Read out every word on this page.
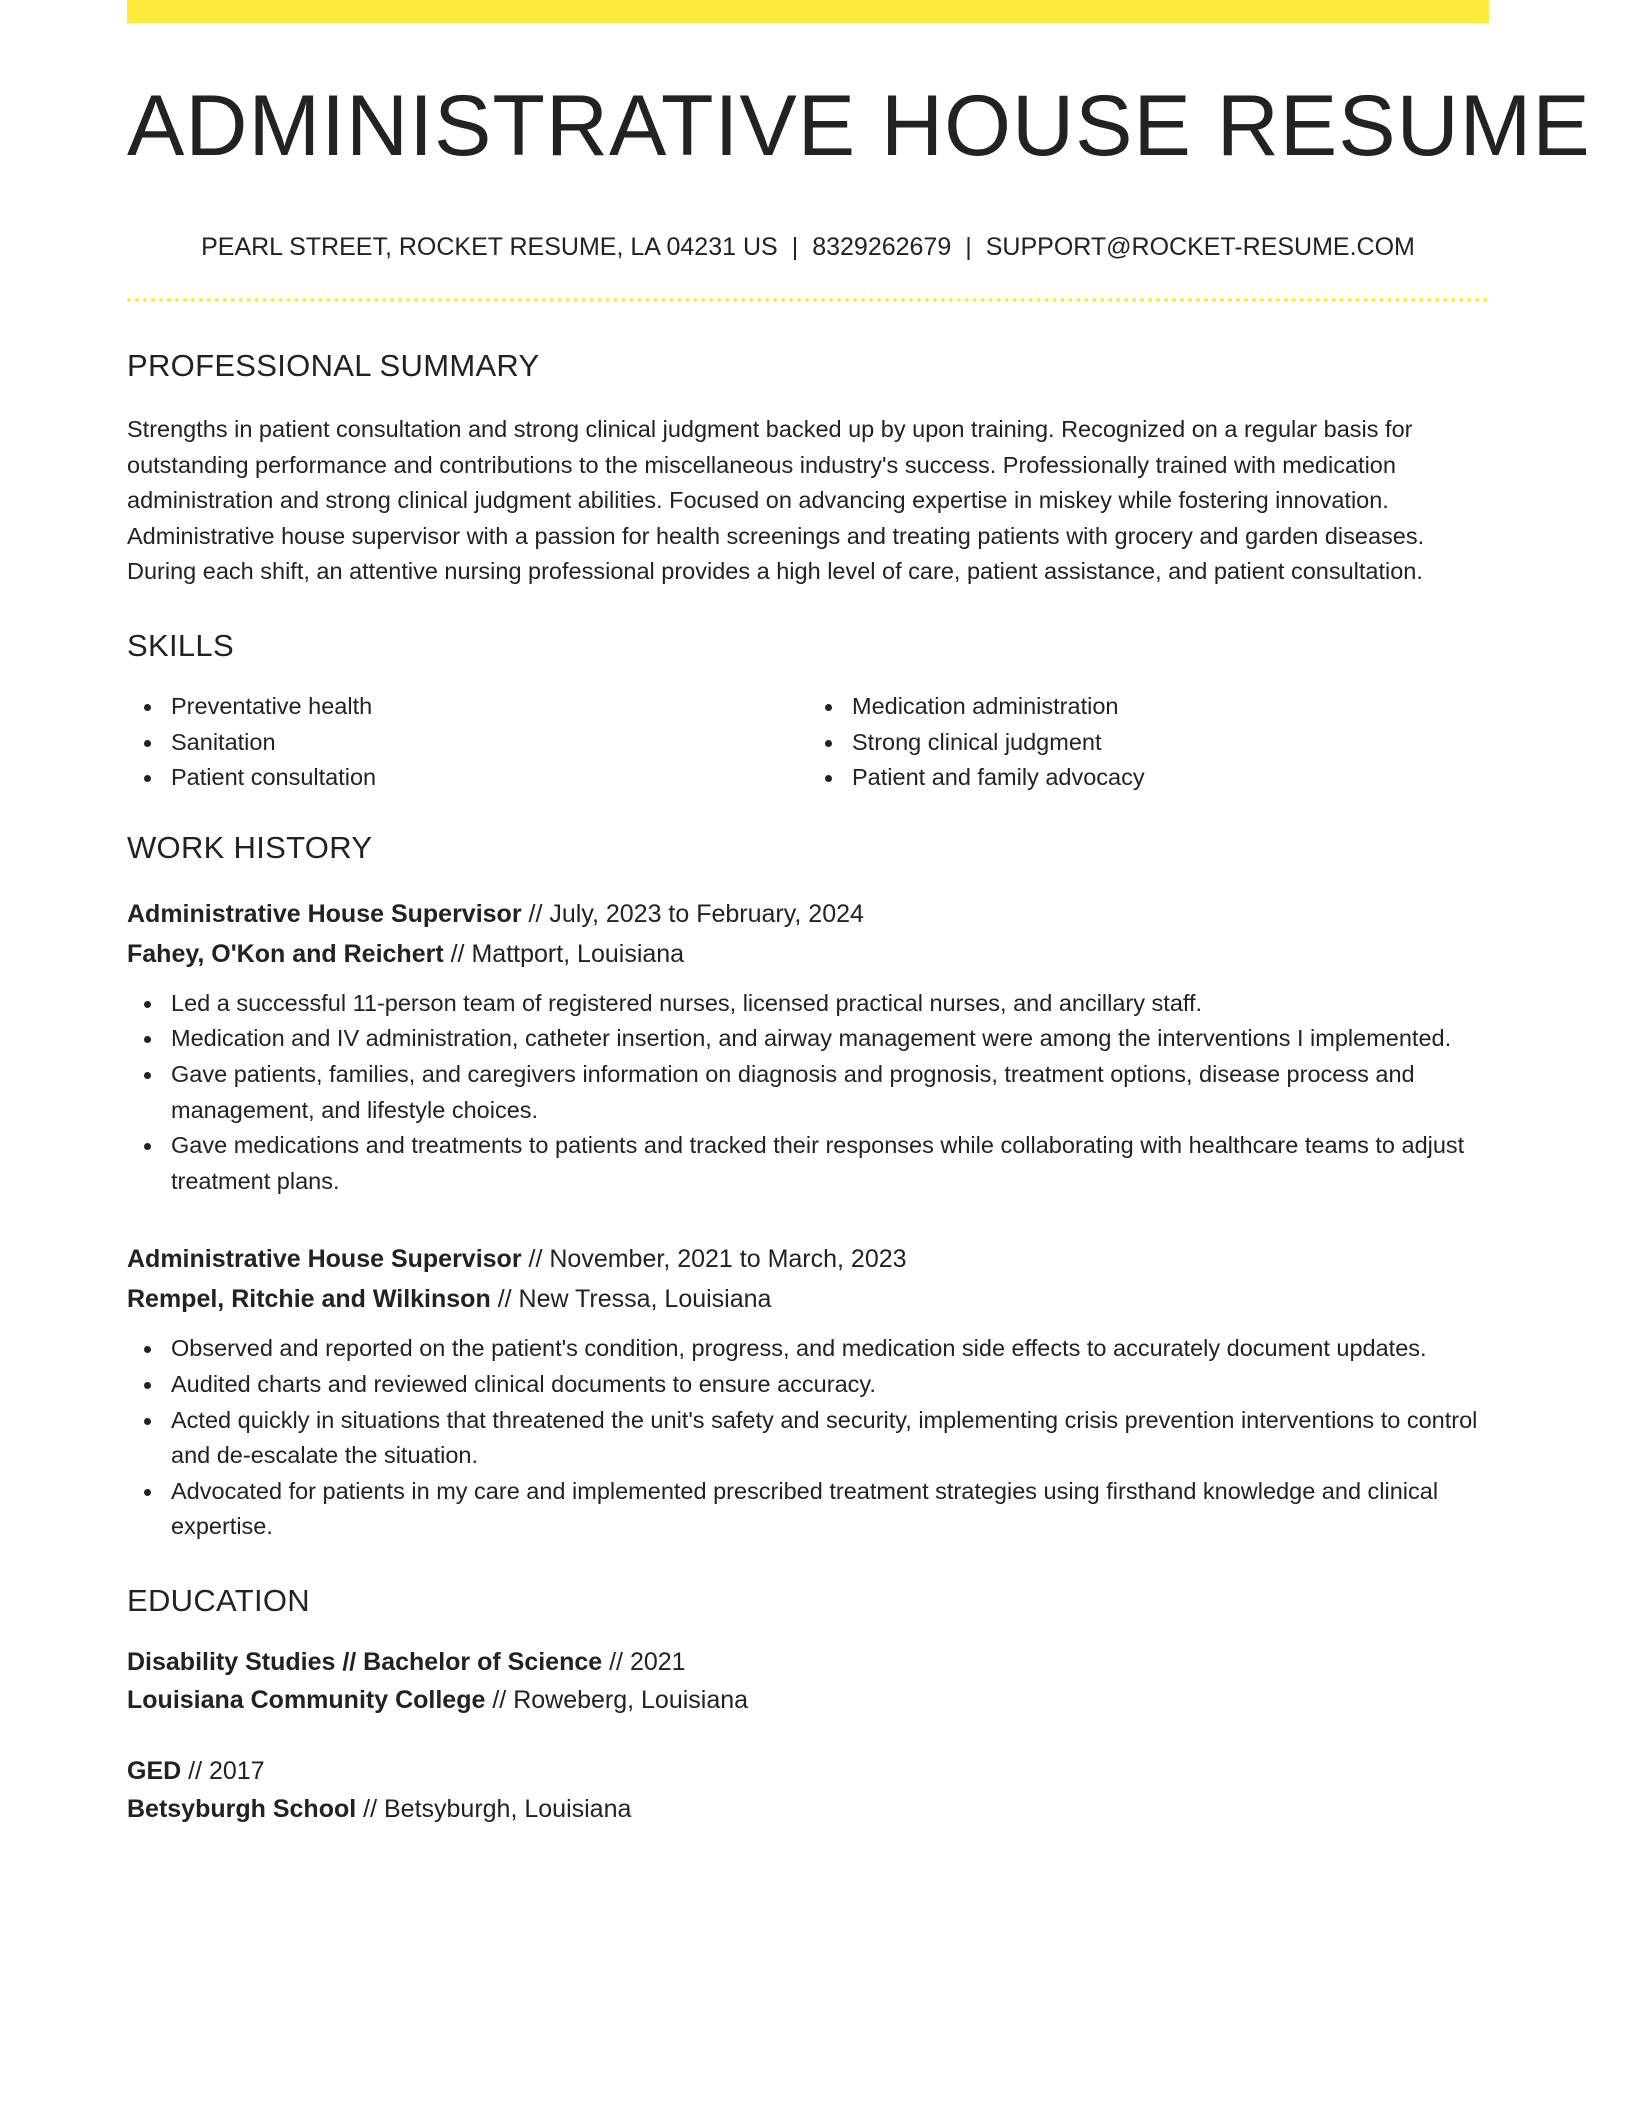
ADMINISTRATIVE HOUSE RESUME
PEARL STREET, ROCKET RESUME, LA 04231 US | 8329262679 | SUPPORT@ROCKET-RESUME.COM
PROFESSIONAL SUMMARY

Strengths in patient consultation and strong clinical judgment backed up by upon training. Recognized on a regular basis for outstanding performance and contributions to the miscellaneous industry's success. Professionally trained with medication administration and strong clinical judgment abilities. Focused on advancing expertise in miskey while fostering innovation. Administrative house supervisor with a passion for health screenings and treating patients with grocery and garden diseases. During each shift, an attentive nursing professional provides a high level of care, patient assistance, and patient consultation.

SKILLS
Preventative health
Sanitation
Patient consultation
Medication administration
Strong clinical judgment
Patient and family advocacy
WORK HISTORY
Administrative House Supervisor // July, 2023 to February, 2024
Fahey, O'Kon and Reichert // Mattport, Louisiana
Led a successful 11-person team of registered nurses, licensed practical nurses, and ancillary staff.
Medication and IV administration, catheter insertion, and airway management were among the interventions I implemented.
Gave patients, families, and caregivers information on diagnosis and prognosis, treatment options, disease process and management, and lifestyle choices.
Gave medications and treatments to patients and tracked their responses while collaborating with healthcare teams to adjust treatment plans.
Administrative House Supervisor // November, 2021 to March, 2023
Rempel, Ritchie and Wilkinson // New Tressa, Louisiana
Observed and reported on the patient's condition, progress, and medication side effects to accurately document updates.
Audited charts and reviewed clinical documents to ensure accuracy.
Acted quickly in situations that threatened the unit's safety and security, implementing crisis prevention interventions to control and de-escalate the situation.
Advocated for patients in my care and implemented prescribed treatment strategies using firsthand knowledge and clinical expertise.
EDUCATION
Disability Studies // Bachelor of Science // 2021
Louisiana Community College // Roweberg, Louisiana
GED // 2017
Betsyburgh School // Betsyburgh, Louisiana
